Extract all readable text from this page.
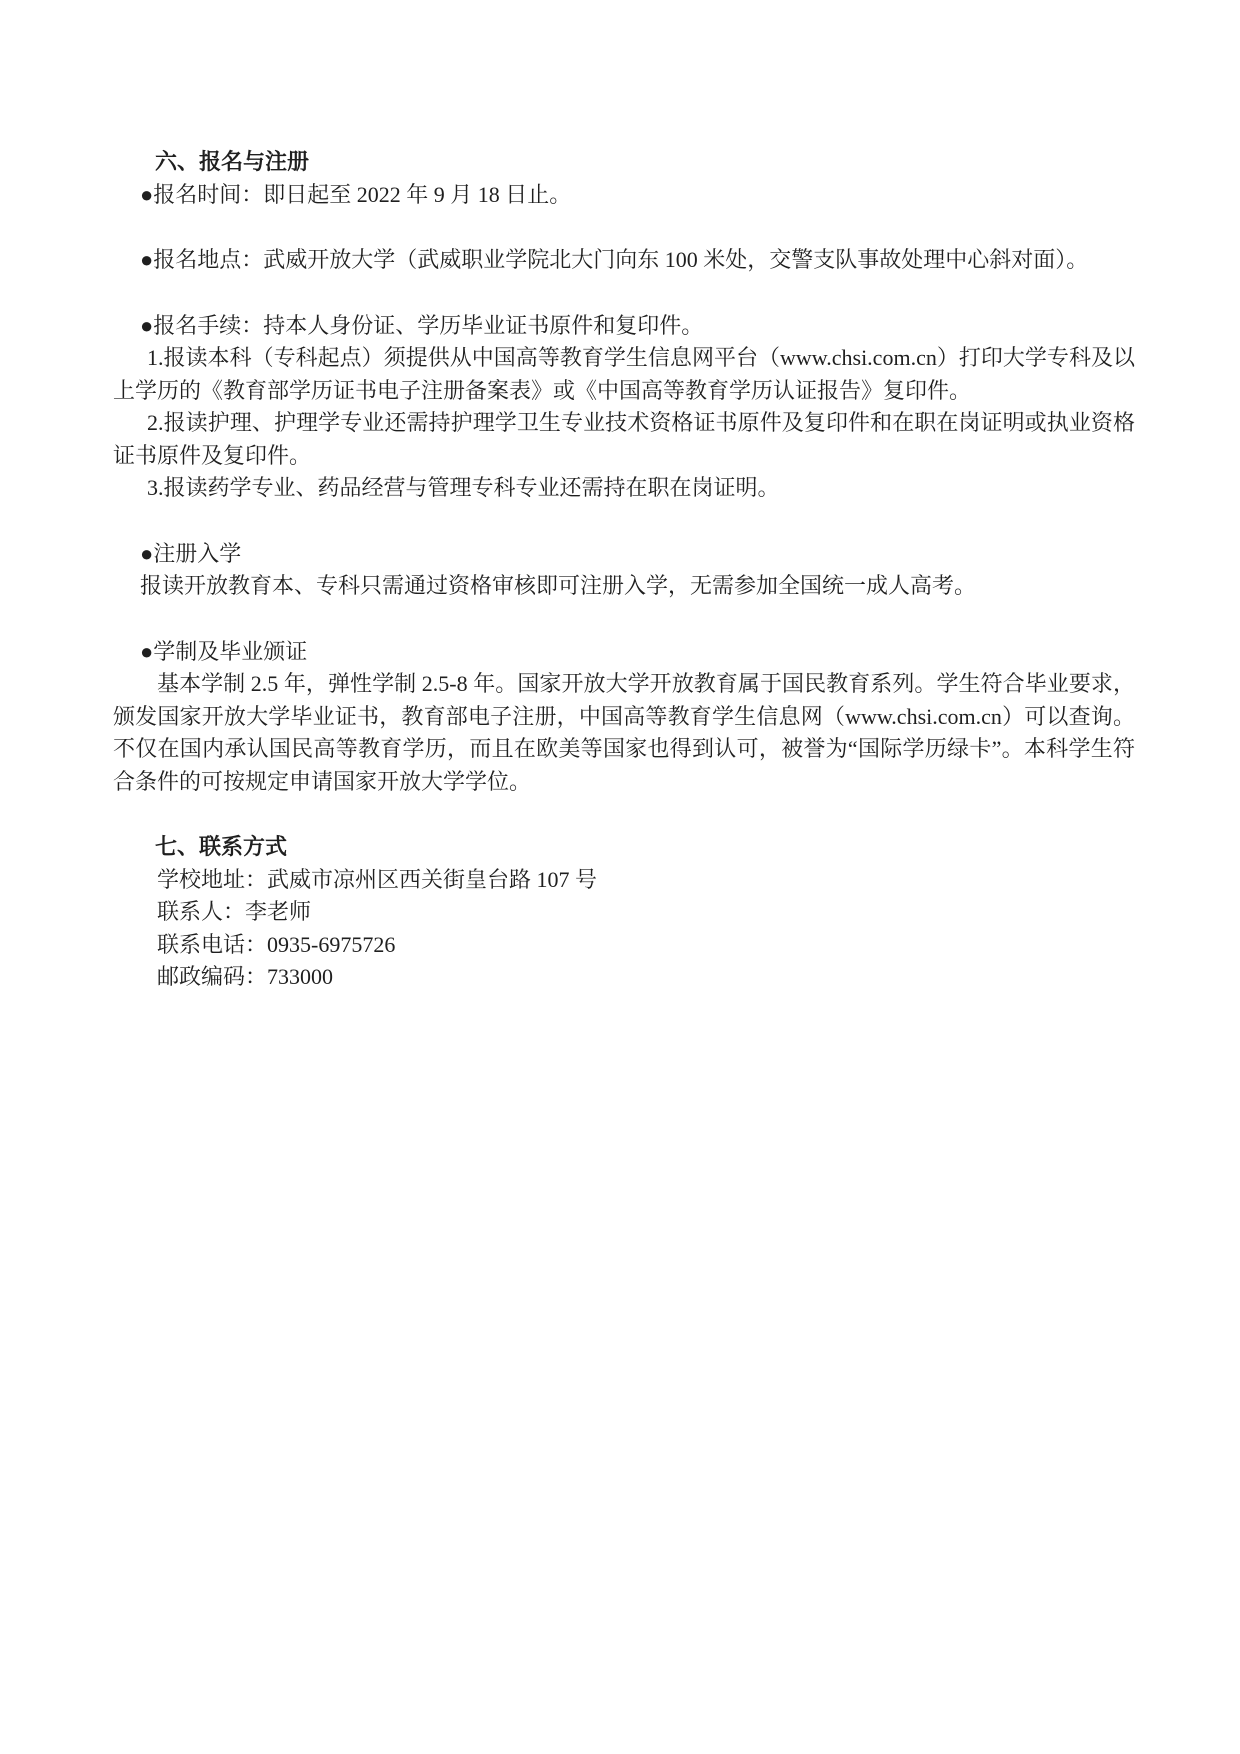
六、报名与注册

●报名时间：即日起至 2022 年 9 月 18 日止。

●报名地点：武威开放大学（武威职业学院北大门向东 100 米处，交警支队事故处理中心斜对面）。

●报名手续：持本人身份证、学历毕业证书原件和复印件。

1.报读本科（专科起点）须提供从中国高等教育学生信息网平台（www.chsi.com.cn）打印大学专科及以上学历的《教育部学历证书电子注册备案表》或《中国高等教育学历认证报告》复印件。

2.报读护理、护理学专业还需持护理学卫生专业技术资格证书原件及复印件和在职在岗证明或执业资格证书原件及复印件。

3.报读药学专业、药品经营与管理专科专业还需持在职在岗证明。

●注册入学

报读开放教育本、专科只需通过资格审核即可注册入学，无需参加全国统一成人高考。

●学制及毕业颁证

基本学制 2.5 年，弹性学制 2.5-8 年。国家开放大学开放教育属于国民教育系列。学生符合毕业要求，颁发国家开放大学毕业证书，教育部电子注册，中国高等教育学生信息网（www.chsi.com.cn）可以查询。不仅在国内承认国民高等教育学历，而且在欧美等国家也得到认可，被誉为“国际学历绿卡”。本科学生符合条件的可按规定申请国家开放大学学位。

七、联系方式

学校地址：武威市凉州区西关街皇台路 107 号

联系人：李老师

联系电话：0935-6975726

邮政编码：733000
